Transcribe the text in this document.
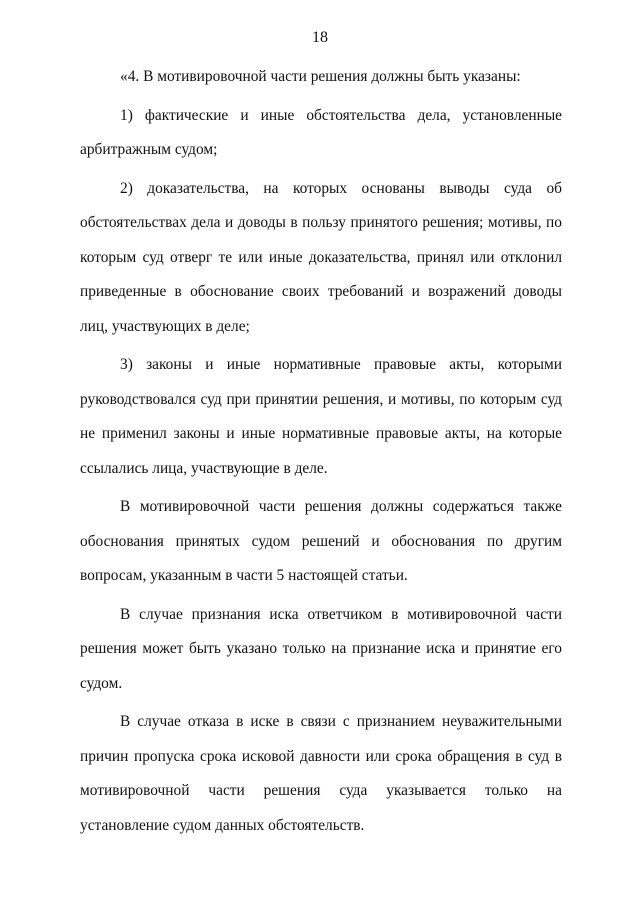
18

«4. В мотивировочной части решения должны быть указаны:

1) фактические и иные обстоятельства дела, установленные арбитражным судом;

2) доказательства, на которых основаны выводы суда об обстоятельствах дела и доводы в пользу принятого решения; мотивы, по которым суд отверг те или иные доказательства, принял или отклонил приведенные в обоснование своих требований и возражений доводы лиц, участвующих в деле;

3) законы и иные нормативные правовые акты, которыми руководствовался суд при принятии решения, и мотивы, по которым суд не применил законы и иные нормативные правовые акты, на которые ссылались лица, участвующие в деле.

В мотивировочной части решения должны содержаться также обоснования принятых судом решений и обоснования по другим вопросам, указанным в части 5 настоящей статьи.

В случае признания иска ответчиком в мотивировочной части решения может быть указано только на признание иска и принятие его судом.

В случае отказа в иске в связи с признанием неуважительными причин пропуска срока исковой давности или срока обращения в суд в мотивировочной части решения суда указывается только на установление судом данных обстоятельств.
